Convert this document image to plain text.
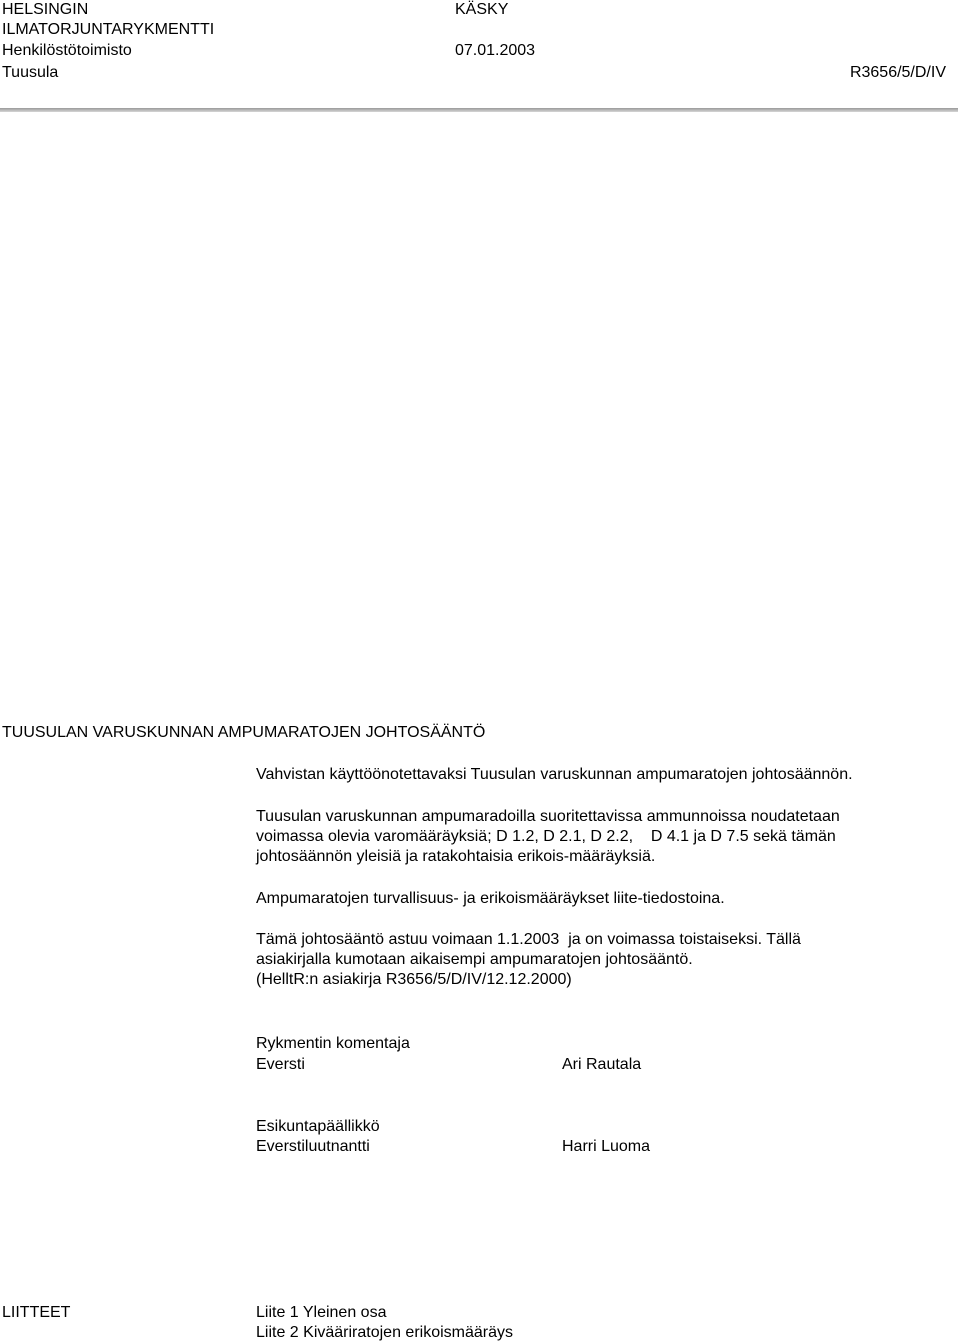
HELSINGIN
ILMATORJUNTARYKMENTTI
Henkilöstötoimisto
Tuusula
KÄSKY
07.01.2003
R3656/5/D/IV
TUUSULAN VARUSKUNNAN AMPUMARATOJEN JOHTOSÄÄNTÖ
Vahvistan käyttöönotettavaksi Tuusulan varuskunnan ampumaratojen johtosäännön.
Tuusulan varuskunnan ampumaradoilla suoritettavissa ammunnoissa noudatetaan
voimassa olevia varomääräyksiä; D 1.2, D 2.1, D 2.2,    D 4.1 ja D 7.5 sekä tämän
johtosäännön yleisiä ja ratakohtaisia erikois-määräyksiä.
Ampumaratojen turvallisuus- ja erikoismääräykset liite-tiedostoina.
Tämä johtosääntö astuu voimaan 1.1.2003  ja on voimassa toistaiseksi. Tällä
asiakirjalla kumotaan aikaisempi ampumaratojen johtosääntö.
(HelltR:n asiakirja R3656/5/D/IV/12.12.2000)
Rykmentin komentaja
Eversti	Ari Rautala
Esikuntapäällikkö
Everstiluutnantti	Harri Luoma
LIITTEET	Liite 1 Yleinen osa
Liite 2 Kivääriratojen erikoismääräys
